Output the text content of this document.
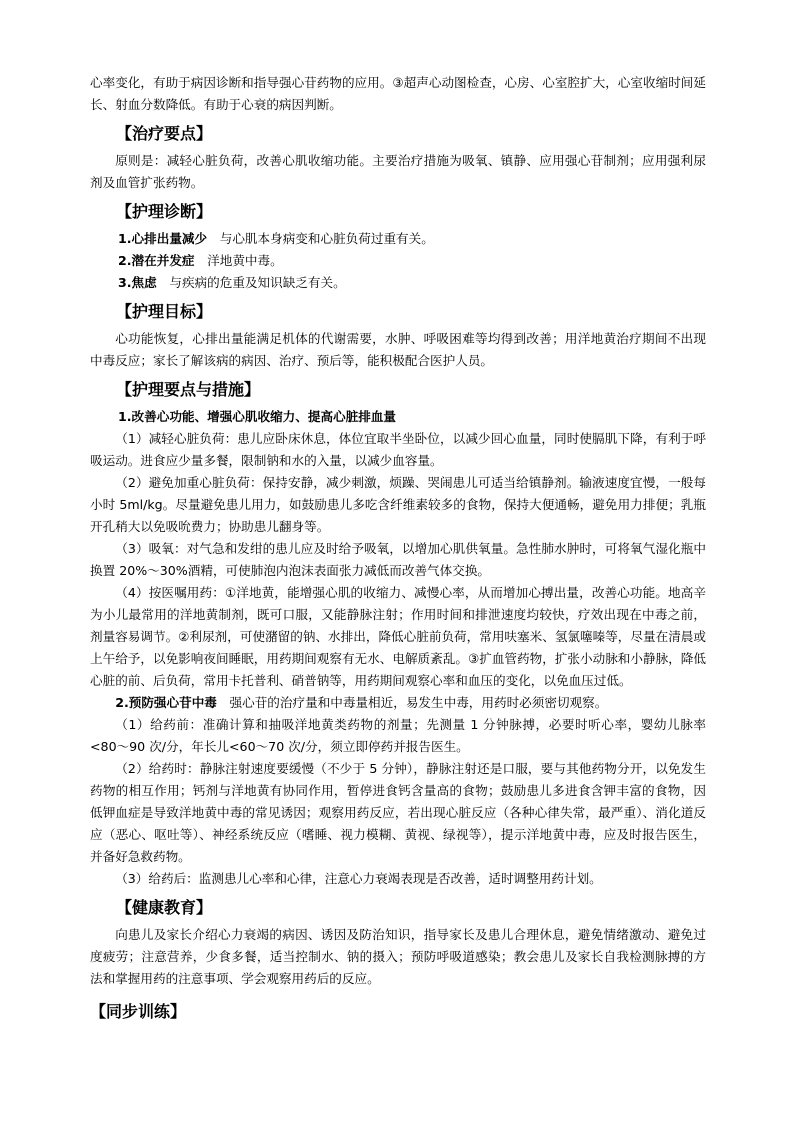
心率变化，有助于病因诊断和指导强心苷药物的应用。③超声心动图检查，心房、心室腔扩大，心室收缩时间延长、射血分数降低。有助于心衰的病因判断。

【治疗要点】

原则是：减轻心脏负荷，改善心肌收缩功能。主要治疗措施为吸氧、镇静、应用强心苷制剂；应用强利尿剂及血管扩张药物。

【护理诊断】

1.心排出量减少　与心肌本身病变和心脏负荷过重有关。

2.潜在并发症　洋地黄中毒。

3.焦虑　与疾病的危重及知识缺乏有关。

【护理目标】

心功能恢复，心排出量能满足机体的代谢需要，水肿、呼吸困难等均得到改善；用洋地黄治疗期间不出现中毒反应；家长了解该病的病因、治疗、预后等，能积极配合医护人员。

【护理要点与措施】

1.改善心功能、增强心肌收缩力、提高心脏排血量

（1）减轻心脏负荷：患儿应卧床休息，体位宜取半坐卧位，以减少回心血量，同时使膈肌下降，有利于呼吸运动。进食应少量多餐，限制钠和水的入量，以减少血容量。

（2）避免加重心脏负荷：保持安静，减少刺激，烦躁、哭闹患儿可适当给镇静剂。输液速度宜慢，一般每小时 5ml/kg。尽量避免患儿用力，如鼓励患儿多吃含纤维素较多的食物，保持大便通畅，避免用力排便；乳瓶开孔稍大以免吸吮费力；协助患儿翻身等。

（3）吸氧：对气急和发绀的患儿应及时给予吸氧，以增加心肌供氧量。急性肺水肿时，可将氧气湿化瓶中换置 20%～30%酒精，可使肺泡内泡沫表面张力减低而改善气体交换。

（4）按医嘱用药：①洋地黄，能增强心肌的收缩力、减慢心率，从而增加心搏出量，改善心功能。地高辛为小儿最常用的洋地黄制剂，既可口服，又能静脉注射；作用时间和排泄速度均较快，疗效出现在中毒之前，剂量容易调节。②利尿剂，可使潴留的钠、水排出，降低心脏前负荷，常用呋塞米、氢氯噻嗪等，尽量在清晨或上午给予，以免影响夜间睡眠，用药期间观察有无水、电解质紊乱。③扩血管药物，扩张小动脉和小静脉，降低心脏的前、后负荷，常用卡托普利、硝普钠等，用药期间观察心率和血压的变化，以免血压过低。

2.预防强心苷中毒　强心苷的治疗量和中毒量相近，易发生中毒，用药时必须密切观察。

（1）给药前：准确计算和抽吸洋地黄类药物的剂量；先测量 1 分钟脉搏，必要时听心率，婴幼儿脉率<80～90 次/分，年长儿<60～70 次/分，须立即停药并报告医生。

（2）给药时：静脉注射速度要缓慢（不少于 5 分钟），静脉注射还是口服，要与其他药物分开，以免发生药物的相互作用；钙剂与洋地黄有协同作用，暂停进食钙含量高的食物；鼓励患儿多进食含钾丰富的食物，因低钾血症是导致洋地黄中毒的常见诱因；观察用药反应，若出现心脏反应（各种心律失常，最严重）、消化道反应（恶心、呕吐等）、神经系统反应（嗜睡、视力模糊、黄视、绿视等），提示洋地黄中毒，应及时报告医生，并备好急救药物。

（3）给药后：监测患儿心率和心律，注意心力衰竭表现是否改善，适时调整用药计划。

【健康教育】

向患儿及家长介绍心力衰竭的病因、诱因及防治知识，指导家长及患儿合理休息，避免情绪激动、避免过度疲劳；注意营养，少食多餐，适当控制水、钠的摄入；预防呼吸道感染；教会患儿及家长自我检测脉搏的方法和掌握用药的注意事项、学会观察用药后的反应。

【同步训练】
